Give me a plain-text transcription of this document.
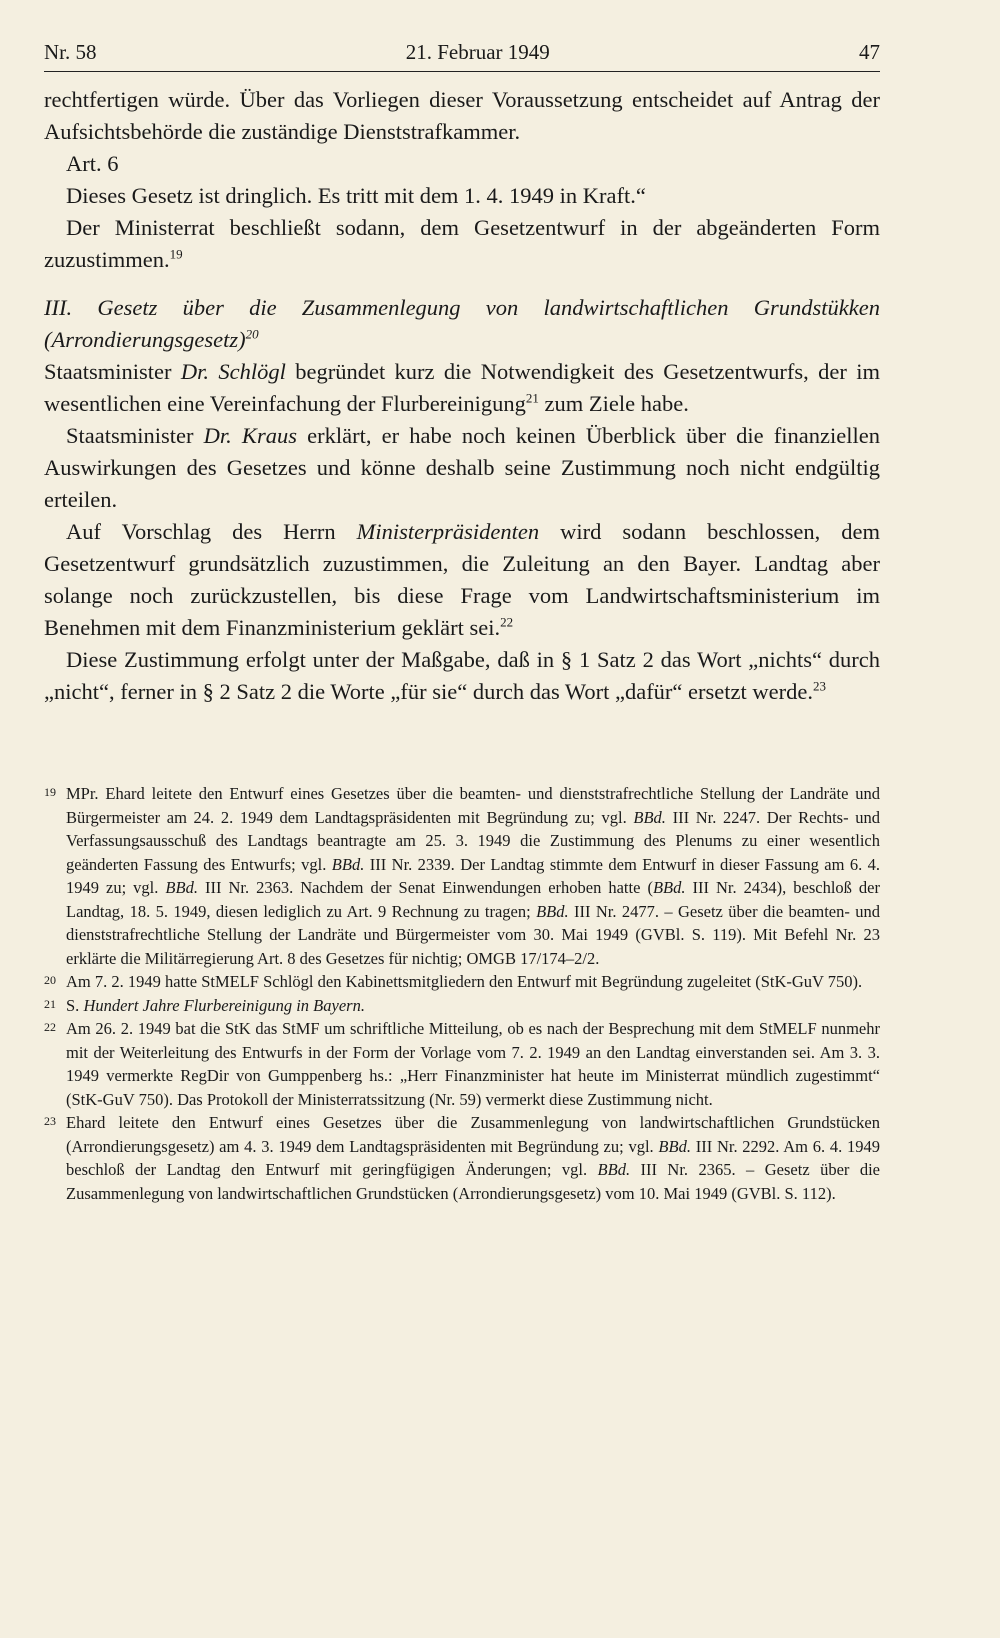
Nr. 58	21. Februar 1949	47

rechtfertigen würde. Über das Vorliegen dieser Voraussetzung entscheidet auf Antrag der Aufsichtsbehörde die zuständige Dienststrafkammer.

Art. 6

Dieses Gesetz ist dringlich. Es tritt mit dem 1. 4. 1949 in Kraft.“

Der Ministerrat beschließt sodann, dem Gesetzentwurf in der abgeänderten Form zuzustimmen.$^{19}$

III. Gesetz über die Zusammenlegung von landwirtschaftlichen Grundstükken (Arrondierungsgesetz)$^{20}$

Staatsminister Dr. Schlögl begründet kurz die Notwendigkeit des Gesetzentwurfs, der im wesentlichen eine Vereinfachung der Flurbereinigung$^{21}$ zum Ziele habe.

Staatsminister Dr. Kraus erklärt, er habe noch keinen Überblick über die finanziellen Auswirkungen des Gesetzes und könne deshalb seine Zustimmung noch nicht endgültig erteilen.

Auf Vorschlag des Herrn Ministerpräsidenten wird sodann beschlossen, dem Gesetzentwurf grundsätzlich zuzustimmen, die Zuleitung an den Bayer. Landtag aber solange noch zurückzustellen, bis diese Frage vom Landwirtschaftsministerium im Benehmen mit dem Finanzministerium geklärt sei.$^{22}$

Diese Zustimmung erfolgt unter der Maßgabe, daß in § 1 Satz 2 das Wort „nichts“ durch „nicht“, ferner in § 2 Satz 2 die Worte „für sie“ durch das Wort „dafür“ ersetzt werde.$^{23}$

19 MPr. Ehard leitete den Entwurf eines Gesetzes über die beamten- und dienststrafrechtliche Stellung der Landräte und Bürgermeister am 24. 2. 1949 dem Landtagspräsidenten mit Begründung zu; vgl. BBd. III Nr. 2247. Der Rechts- und Verfassungsausschuß des Landtags beantragte am 25. 3. 1949 die Zustimmung des Plenums zu einer wesentlich geänderten Fassung des Entwurfs; vgl. BBd. III Nr. 2339. Der Landtag stimmte dem Entwurf in dieser Fassung am 6. 4. 1949 zu; vgl. BBd. III Nr. 2363. Nachdem der Senat Einwendungen erhoben hatte (BBd. III Nr. 2434), beschloß der Landtag, 18. 5. 1949, diesen lediglich zu Art. 9 Rechnung zu tragen; BBd. III Nr. 2477. – Gesetz über die beamten- und dienststrafrechtliche Stellung der Landräte und Bürgermeister vom 30. Mai 1949 (GVBl. S. 119). Mit Befehl Nr. 23 erklärte die Militärregierung Art. 8 des Gesetzes für nichtig; OMGB 17/174–2/2.
20 Am 7. 2. 1949 hatte StMELF Schlögl den Kabinettsmitgliedern den Entwurf mit Begründung zugeleitet (StK-GuV 750).
21 S. Hundert Jahre Flurbereinigung in Bayern.
22 Am 26. 2. 1949 bat die StK das StMF um schriftliche Mitteilung, ob es nach der Besprechung mit dem StMELF nunmehr mit der Weiterleitung des Entwurfs in der Form der Vorlage vom 7. 2. 1949 an den Landtag einverstanden sei. Am 3. 3. 1949 vermerkte RegDir von Gumppenberg hs.: „Herr Finanzminister hat heute im Ministerrat mündlich zugestimmt“ (StK-GuV 750). Das Protokoll der Ministerratssitzung (Nr. 59) vermerkt diese Zustimmung nicht.
23 Ehard leitete den Entwurf eines Gesetzes über die Zusammenlegung von landwirtschaftlichen Grundstücken (Arrondierungsgesetz) am 4. 3. 1949 dem Landtagspräsidenten mit Begründung zu; vgl. BBd. III Nr. 2292. Am 6. 4. 1949 beschloß der Landtag den Entwurf mit geringfügigen Änderungen; vgl. BBd. III Nr. 2365. – Gesetz über die Zusammenlegung von landwirtschaftlichen Grundstücken (Arrondierungsgesetz) vom 10. Mai 1949 (GVBl. S. 112).
